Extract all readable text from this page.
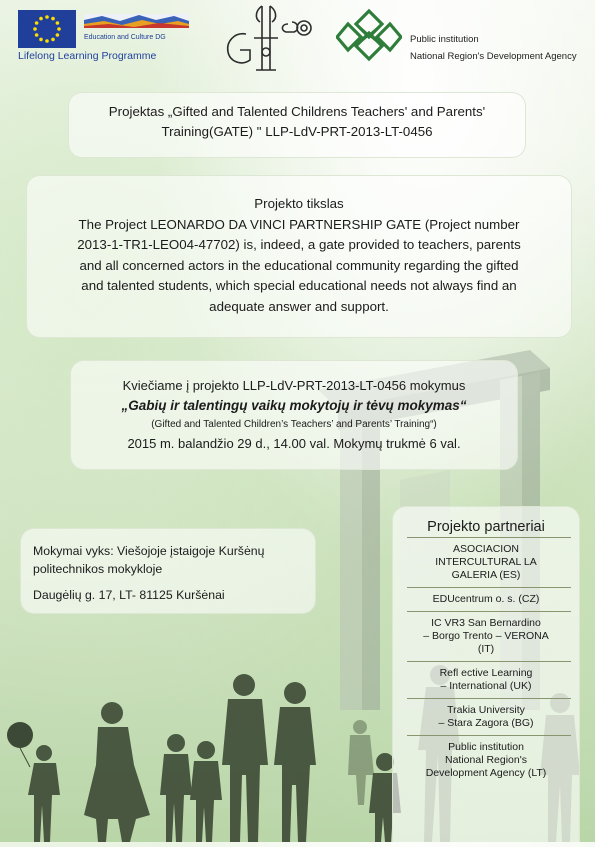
Education and Culture DG
Lifelong Learning Programme
Public institution
National Region's Development Agency
Projektas „Gifted and Talented Childrens Teachers' and Parents'
Training(GATE) " LLP-LdV-PRT-2013-LT-0456
Projekto tikslas
The Project LEONARDO DA VINCI PARTNERSHIP GATE (Project number
2013-1-TR1-LEO04-47702) is, indeed, a gate provided to teachers, parents
and all concerned actors in the educational community regarding the gifted
and talented students, which special educational needs not always find an
adequate answer and support.
Kviečiame į projekto LLP-LdV-PRT-2013-LT-0456 mokymus
„Gabių ir talentingų vaikų mokytojų ir tėvų mokymas“
(Gifted and Talented Children’s Teachers’ and Parents’ Training“)
2015 m. balandžio 29 d., 14.00 val. Mokymų trukmė 6 val.
Mokymai vyks: Viešojoje įstaigoje Kuršėnų
politechnikos mokykloje
Daugėlių g. 17, LT- 81125 Kuršėnai
Projekto partneriai
ASOCIACION
INTERCULTURAL LA
GALERIA (ES)
EDUcentrum o. s. (CZ)
IC VR3 San Bernardino
– Borgo Trento – VERONA
(IT)
Refl ective Learning
– International (UK)
Trakia University
– Stara Zagora (BG)
Public institution
National Region's
Development Agency (LT)
